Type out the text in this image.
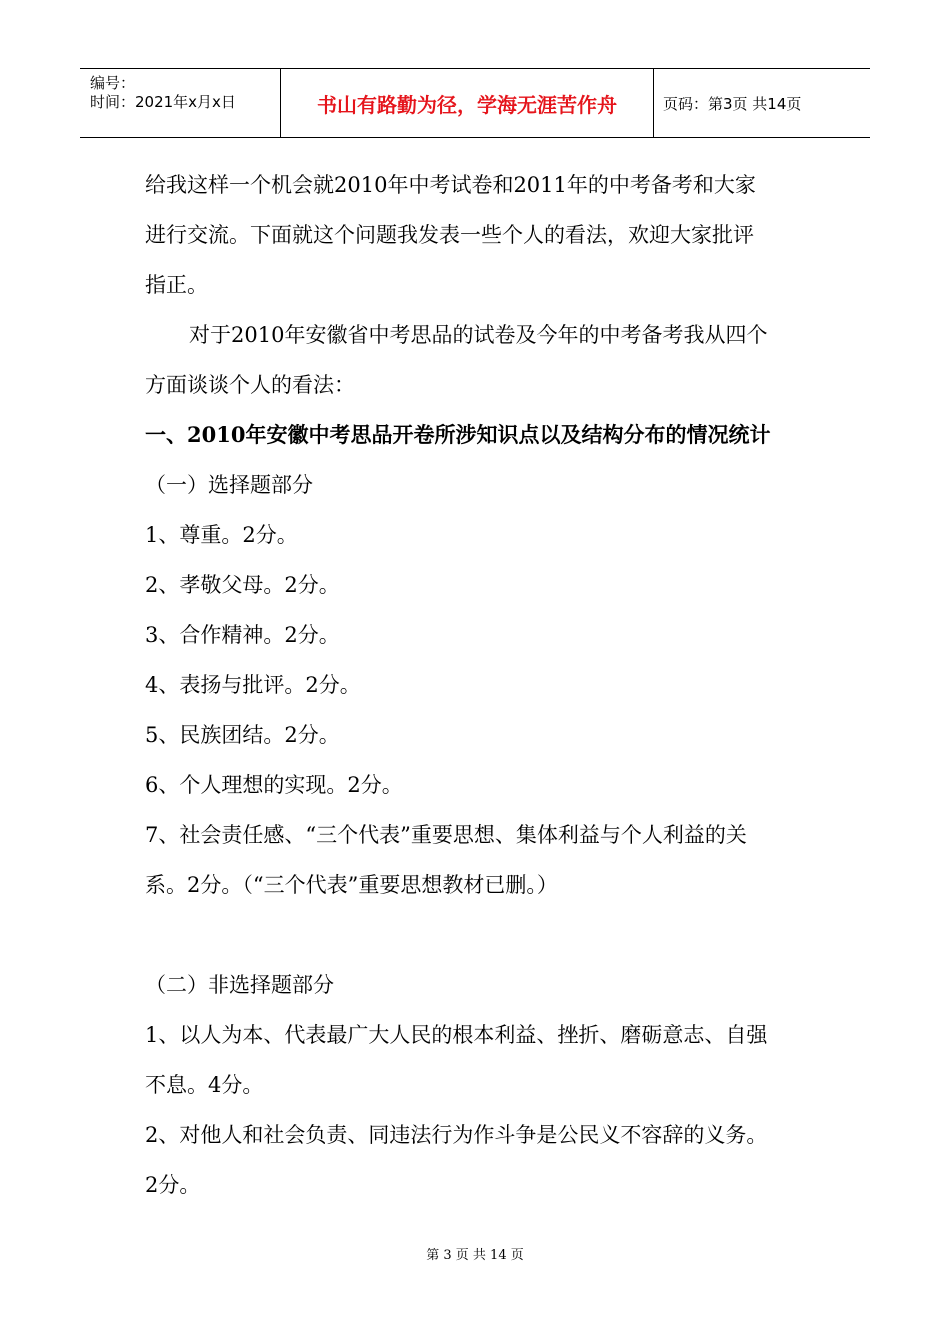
编号：
时间：2021年x月x日	书山有路勤为径，学海无涯苦作舟	页码：第3页 共14页
给我这样一个机会就2010年中考试卷和2011年的中考备考和大家
进行交流。下面就这个问题我发表一些个人的看法，欢迎大家批评
指正。
对于2010年安徽省中考思品的试卷及今年的中考备考我从四个
方面谈谈个人的看法：
一、2010年安徽中考思品开卷所涉知识点以及结构分布的情况统计
（一）选择题部分
1、尊重。2分。
2、孝敬父母。2分。
3、合作精神。2分。
4、表扬与批评。2分。
5、民族团结。2分。
6、个人理想的实现。2分。
7、社会责任感、“三个代表”重要思想、集体利益与个人利益的关
系。2分。（“三个代表”重要思想教材已删。）
（二）非选择题部分
1、以人为本、代表最广大人民的根本利益、挫折、磨砺意志、自强
不息。4分。
2、对他人和社会负责、同违法行为作斗争是公民义不容辞的义务。
2分。
第 3 页 共 14 页
